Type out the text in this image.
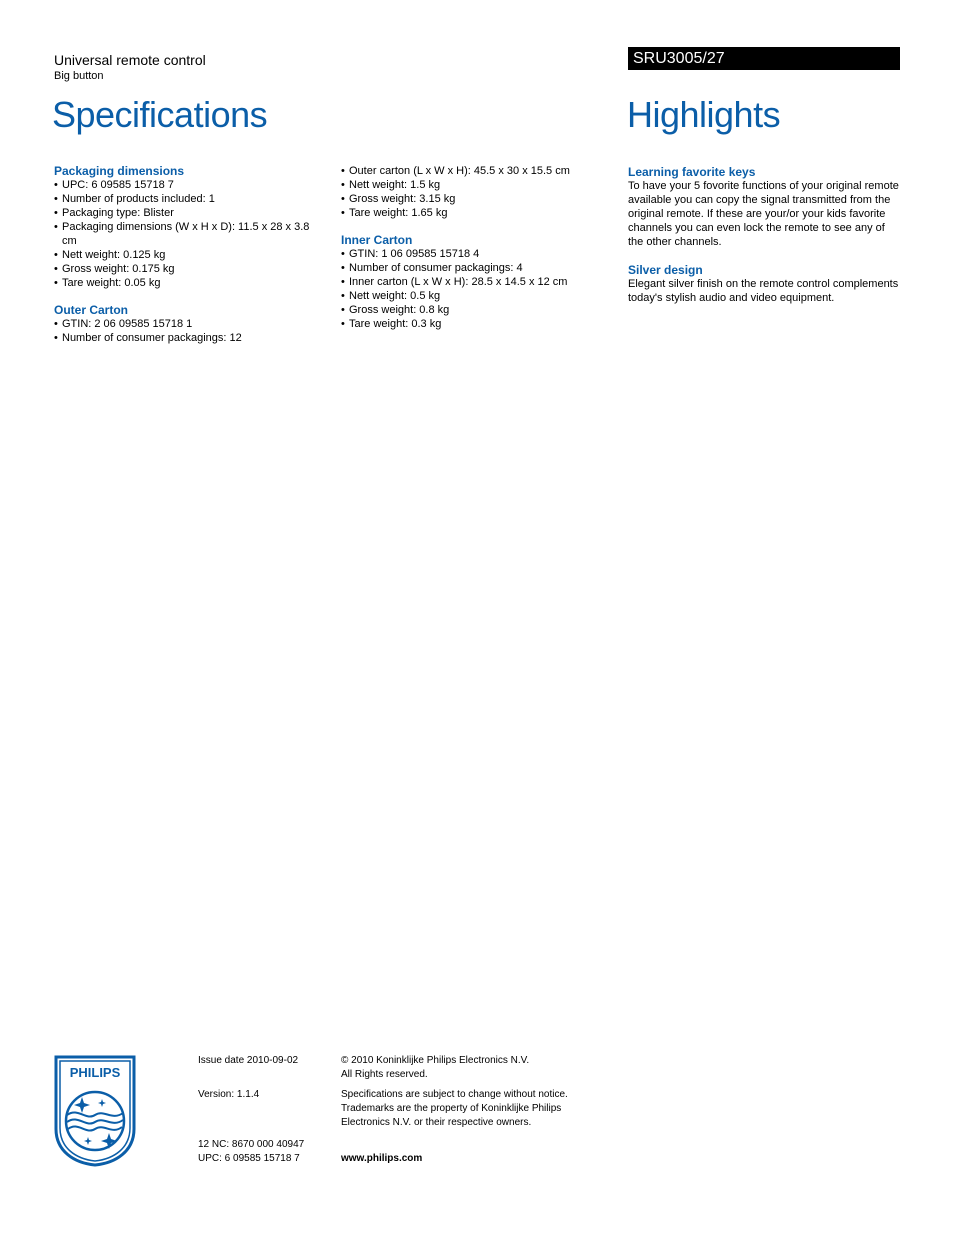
Universal remote control
Big button
Specifications
SRU3005/27
Highlights
Packaging dimensions
• UPC: 6 09585 15718 7
• Number of products included: 1
• Packaging type: Blister
• Packaging dimensions (W x H x D): 11.5 x 28 x 3.8 cm
• Nett weight: 0.125 kg
• Gross weight: 0.175 kg
• Tare weight: 0.05 kg
Outer Carton
• GTIN: 2 06 09585 15718 1
• Number of consumer packagings: 12
• Outer carton (L x W x H): 45.5 x 30 x 15.5 cm
• Nett weight: 1.5 kg
• Gross weight: 3.15 kg
• Tare weight: 1.65 kg
Inner Carton
• GTIN: 1 06 09585 15718 4
• Number of consumer packagings: 4
• Inner carton (L x W x H): 28.5 x 14.5 x 12 cm
• Nett weight: 0.5 kg
• Gross weight: 0.8 kg
• Tare weight: 0.3 kg
Learning favorite keys

To have your 5 fovorite functions of your original remote available you can copy the signal transmitted from the original remote. If these are your/or your kids favorite channels you can even lock the remote to see any of the other channels.

Silver design

Elegant silver finish on the remote control complements today's stylish audio and video equipment.

PHILIPS
Issue date 2010-09-02
Version: 1.1.4
12 NC: 8670 000 40947
UPC: 6 09585 15718 7
© 2010 Koninklijke Philips Electronics N.V.
All Rights reserved.
Specifications are subject to change without notice. Trademarks are the property of Koninklijke Philips Electronics N.V. or their respective owners.
www.philips.com
